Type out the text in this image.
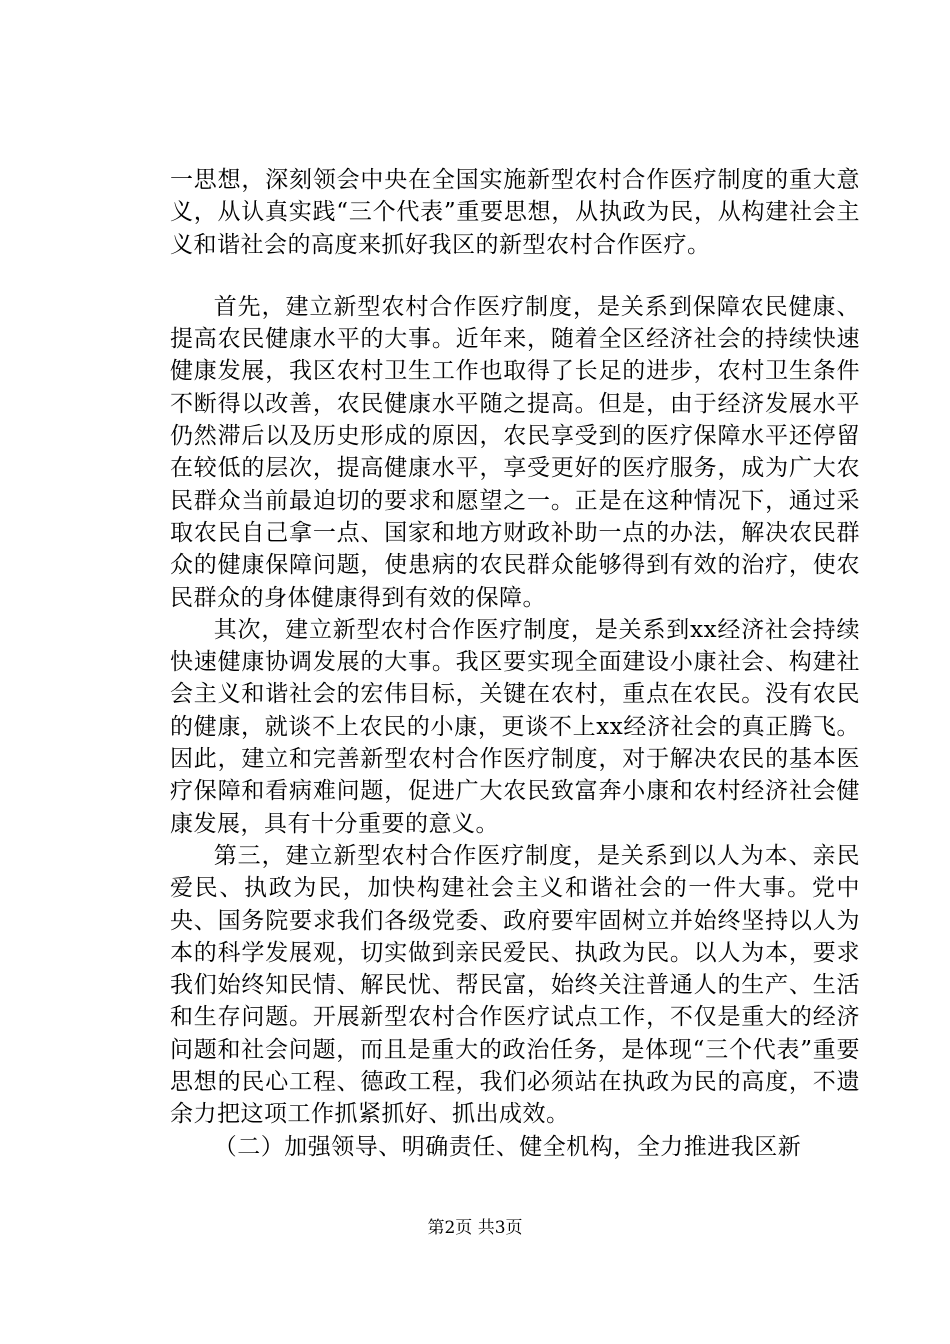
一思想，深刻领会中央在全国实施新型农村合作医疗制度的重大意义，从认真实践“三个代表”重要思想，从执政为民，从构建社会主义和谐社会的高度来抓好我区的新型农村合作医疗。

首先，建立新型农村合作医疗制度，是关系到保障农民健康、提高农民健康水平的大事。近年来，随着全区经济社会的持续快速健康发展，我区农村卫生工作也取得了长足的进步，农村卫生条件不断得以改善，农民健康水平随之提高。但是，由于经济发展水平仍然滞后以及历史形成的原因，农民享受到的医疗保障水平还停留在较低的层次，提高健康水平，享受更好的医疗服务，成为广大农民群众当前最迫切的要求和愿望之一。正是在这种情况下，通过采取农民自己拿一点、国家和地方财政补助一点的办法，解决农民群众的健康保障问题，使患病的农民群众能够得到有效的治疗，使农民群众的身体健康得到有效的保障。

其次，建立新型农村合作医疗制度，是关系到xx经济社会持续快速健康协调发展的大事。我区要实现全面建设小康社会、构建社会主义和谐社会的宏伟目标，关键在农村，重点在农民。没有农民的健康，就谈不上农民的小康，更谈不上xx经济社会的真正腾飞。因此，建立和完善新型农村合作医疗制度，对于解决农民的基本医疗保障和看病难问题，促进广大农民致富奔小康和农村经济社会健康发展，具有十分重要的意义。

第三，建立新型农村合作医疗制度，是关系到以人为本、亲民爱民、执政为民，加快构建社会主义和谐社会的一件大事。党中央、国务院要求我们各级党委、政府要牢固树立并始终坚持以人为本的科学发展观，切实做到亲民爱民、执政为民。以人为本，要求我们始终知民情、解民忧、帮民富，始终关注普通人的生产、生活和生存问题。开展新型农村合作医疗试点工作，不仅是重大的经济问题和社会问题，而且是重大的政治任务，是体现“三个代表”重要思想的民心工程、德政工程，我们必须站在执政为民的高度，不遗余力把这项工作抓紧抓好、抓出成效。

（二）加强领导、明确责任、健全机构，全力推进我区新

第2页 共3页
